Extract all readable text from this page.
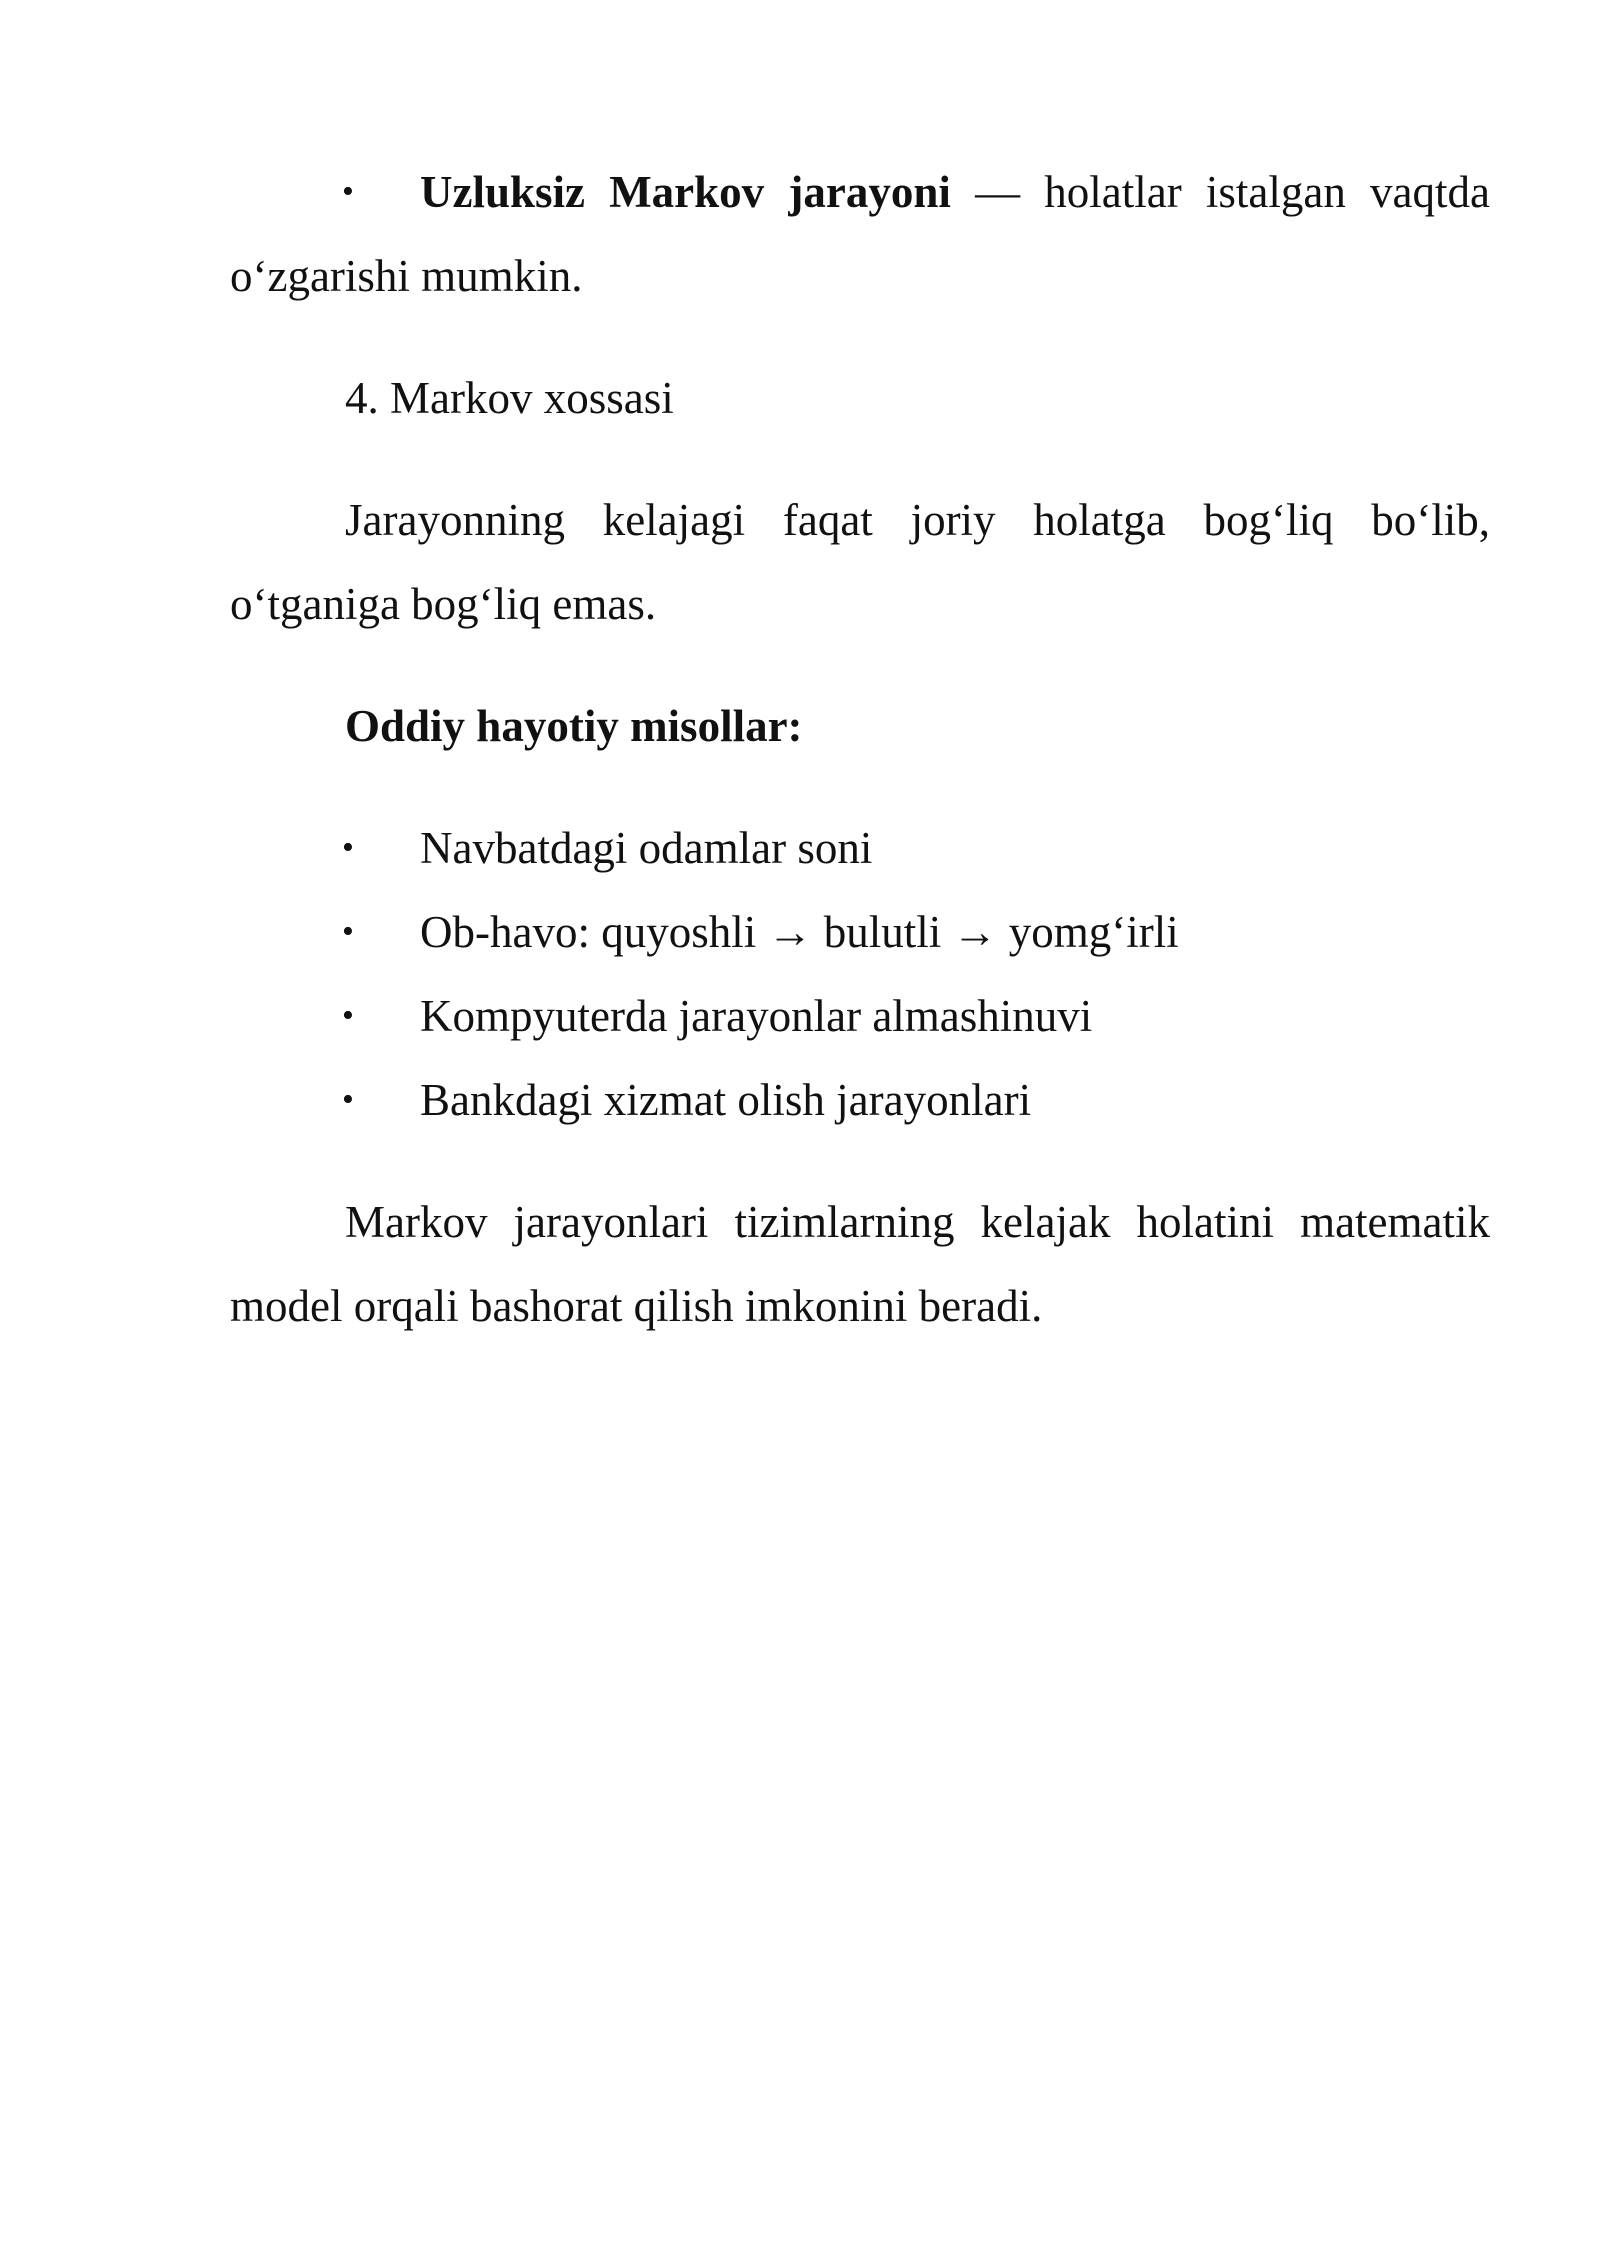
• Uzluksiz Markov jarayoni — holatlar istalgan vaqtda o‘zgarishi mumkin.

4. Markov xossasi

Jarayonning kelajagi faqat joriy holatga bog‘liq bo‘lib, o‘tganiga bog‘liq emas.

Oddiy hayotiy misollar:

• Navbatdagi odamlar soni
• Ob-havo: quyoshli → bulutli → yomg‘irli
• Kompyuterda jarayonlar almashinuvi
• Bankdagi xizmat olish jarayonlari

Markov jarayonlari tizimlarning kelajak holatini matematik model orqali bashorat qilish imkonini beradi.
